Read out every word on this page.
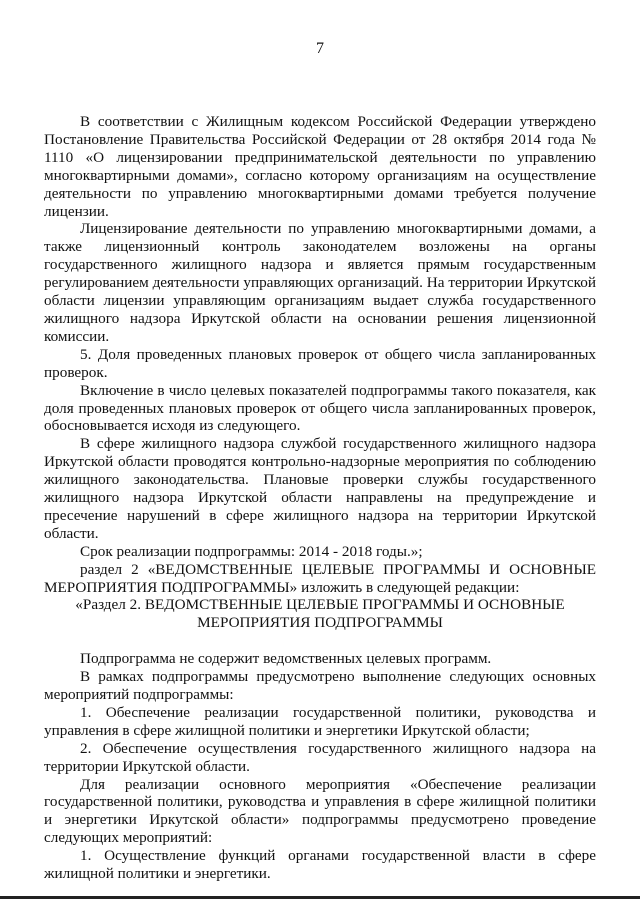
7

В соответствии с Жилищным кодексом Российской Федерации утверждено Постановление Правительства Российской Федерации от 28 октября 2014 года № 1110 «О лицензировании предпринимательской деятельности по управлению многоквартирными домами», согласно которому организациям на осуществление деятельности по управлению многоквартирными домами требуется получение лицензии.

Лицензирование деятельности по управлению многоквартирными домами, а также лицензионный контроль законодателем возложены на органы государственного жилищного надзора и является прямым государственным регулированием деятельности управляющих организаций. На территории Иркутской области лицензии управляющим организациям выдает служба государственного жилищного надзора Иркутской области на основании решения лицензионной комиссии.

5. Доля проведенных плановых проверок от общего числа запланированных проверок.

Включение в число целевых показателей подпрограммы такого показателя, как доля проведенных плановых проверок от общего числа запланированных проверок, обосновывается исходя из следующего.

В сфере жилищного надзора службой государственного жилищного надзора Иркутской области проводятся контрольно-надзорные мероприятия по соблюдению жилищного законодательства. Плановые проверки службы государственного жилищного надзора Иркутской области направлены на предупреждение и пресечение нарушений в сфере жилищного надзора на территории Иркутской области.

Срок реализации подпрограммы: 2014 - 2018 годы.»;

раздел 2 «ВЕДОМСТВЕННЫЕ ЦЕЛЕВЫЕ ПРОГРАММЫ И ОСНОВНЫЕ МЕРОПРИЯТИЯ ПОДПРОГРАММЫ» изложить в следующей редакции:

«Раздел 2. ВЕДОМСТВЕННЫЕ ЦЕЛЕВЫЕ ПРОГРАММЫ И ОСНОВНЫЕ МЕРОПРИЯТИЯ ПОДПРОГРАММЫ

Подпрограмма не содержит ведомственных целевых программ.

В рамках подпрограммы предусмотрено выполнение следующих основных мероприятий подпрограммы:

1. Обеспечение реализации государственной политики, руководства и управления в сфере жилищной политики и энергетики Иркутской области;

2. Обеспечение осуществления государственного жилищного надзора на территории Иркутской области.

Для реализации основного мероприятия «Обеспечение реализации государственной политики, руководства и управления в сфере жилищной политики и энергетики Иркутской области» подпрограммы предусмотрено проведение следующих мероприятий:

1. Осуществление функций органами государственной власти в сфере жилищной политики и энергетики.
